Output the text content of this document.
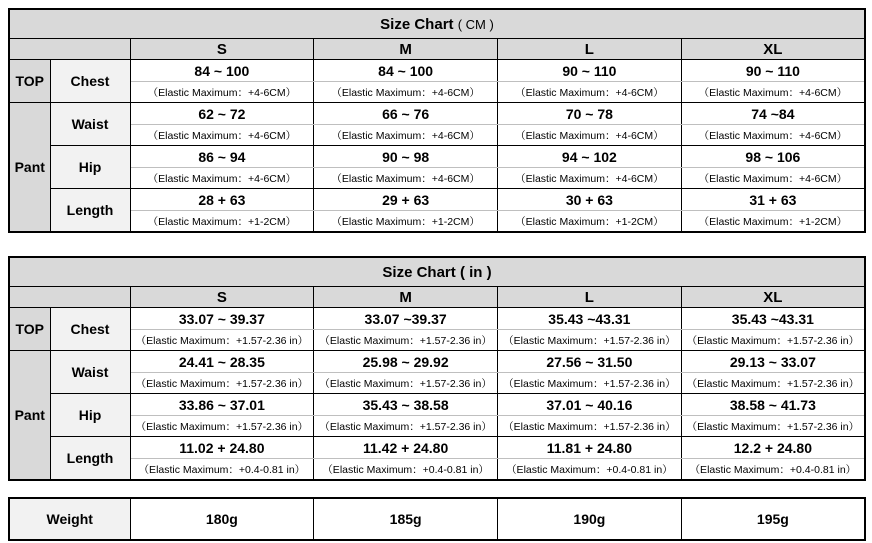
Size Chart ( CM )					
		S	M	L	XL
TOP	Chest	84 ~ 100	84 ~ 100	90 ~ 110	90 ~ 110
		（Elastic Maximum：+4-6CM）	（Elastic Maximum：+4-6CM）	（Elastic Maximum：+4-6CM）	（Elastic Maximum：+4-6CM）
Pant	Waist	62 ~ 72	66 ~ 76	70 ~ 78	74 ~84
		（Elastic Maximum：+4-6CM）	（Elastic Maximum：+4-6CM）	（Elastic Maximum：+4-6CM）	（Elastic Maximum：+4-6CM）
	Hip	86 ~ 94	90 ~ 98	94 ~ 102	98 ~ 106
		（Elastic Maximum：+4-6CM）	（Elastic Maximum：+4-6CM）	（Elastic Maximum：+4-6CM）	（Elastic Maximum：+4-6CM）
	Length	28 + 63	29 + 63	30 + 63	31 + 63
		（Elastic Maximum：+1-2CM）	（Elastic Maximum：+1-2CM）	（Elastic Maximum：+1-2CM）	（Elastic Maximum：+1-2CM）
Size Chart ( in )					
		S	M	L	XL
TOP	Chest	33.07 ~ 39.37	33.07 ~39.37	35.43 ~43.31	35.43 ~43.31
		（Elastic Maximum：+1.57-2.36 in）	（Elastic Maximum：+1.57-2.36 in）	（Elastic Maximum：+1.57-2.36 in）	（Elastic Maximum：+1.57-2.36 in）
Pant	Waist	24.41 ~ 28.35	25.98 ~ 29.92	27.56 ~ 31.50	29.13 ~ 33.07
		（Elastic Maximum：+1.57-2.36 in）	（Elastic Maximum：+1.57-2.36 in）	（Elastic Maximum：+1.57-2.36 in）	（Elastic Maximum：+1.57-2.36 in）
	Hip	33.86 ~ 37.01	35.43 ~ 38.58	37.01 ~ 40.16	38.58 ~ 41.73
		（Elastic Maximum：+1.57-2.36 in）	（Elastic Maximum：+1.57-2.36 in）	（Elastic Maximum：+1.57-2.36 in）	（Elastic Maximum：+1.57-2.36 in）
	Length	11.02 + 24.80	11.42 + 24.80	11.81 + 24.80	12.2 + 24.80
		（Elastic Maximum：+0.4-0.81 in）	（Elastic Maximum：+0.4-0.81 in）	（Elastic Maximum：+0.4-0.81 in）	（Elastic Maximum：+0.4-0.81 in）
Weight	180g	185g	190g	195g
